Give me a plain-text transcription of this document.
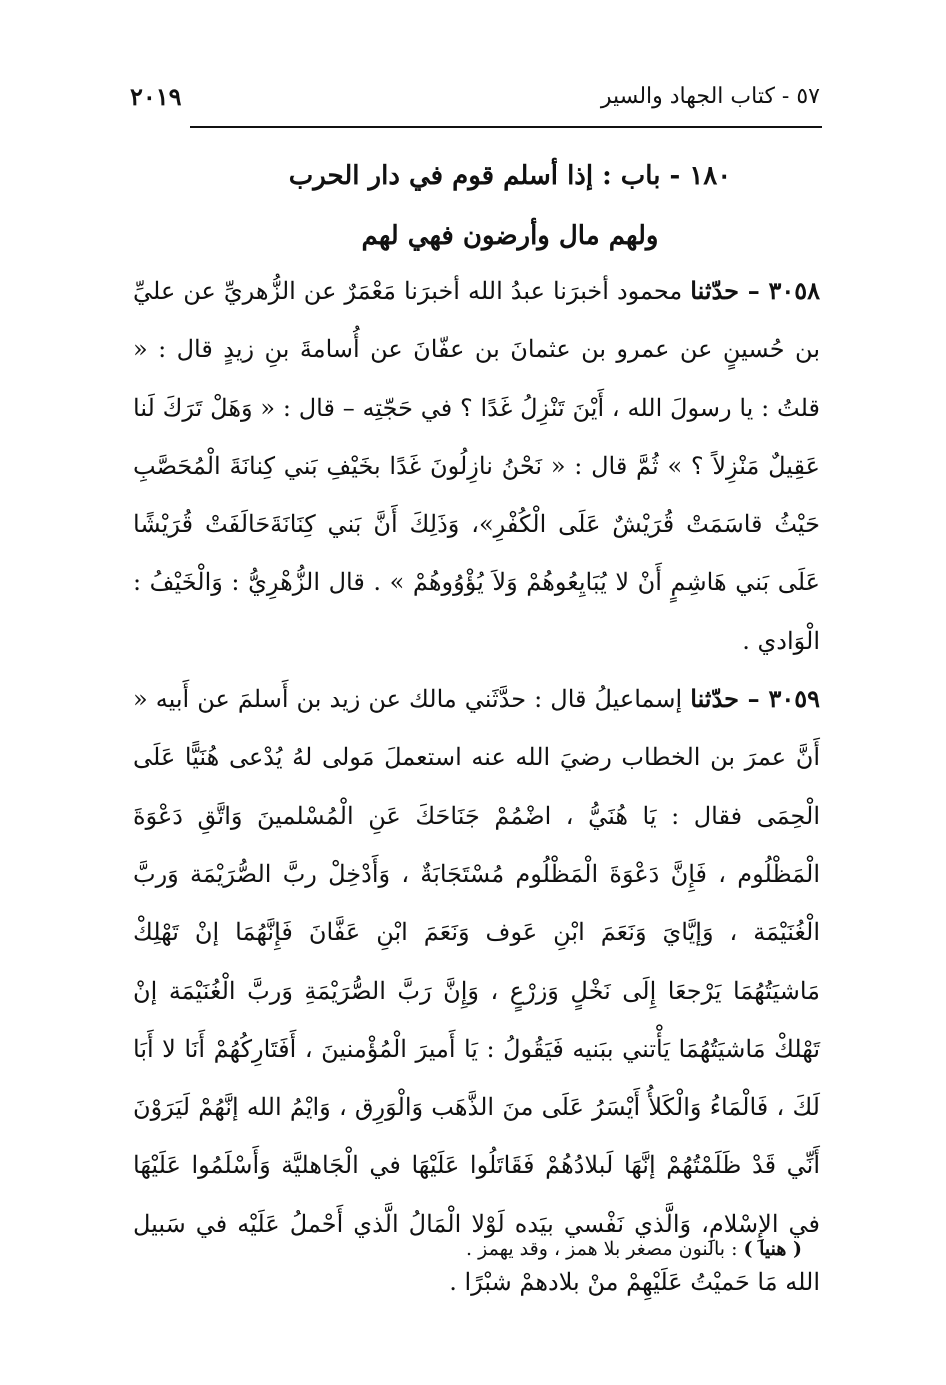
٥٧ - كتاب الجهاد والسير
٢٠١٩
١٨٠ - باب : إذا أسلم قوم في دار الحرب
ولهم مال وأرضون فهي لهم

٣٠٥٨ – حدّثنا محمود أخبرَنا عبدُ الله أخبرَنا مَعْمَرٌ عن الزُّهريِّ عن عليِّ بن حُسينٍ عن عمرو بن عثمانَ بن عفّانَ عن أُسامةَ بنِ زيدٍ قال : « قلتُ : يا رسولَ الله ، أَيْنَ تَنْزِلُ غَدًا ؟ في حَجّتِه – قال : « وَهَلْ تَرَكَ لَنا عَقِيلٌ مَنْزِلاً ؟ » ثُمَّ قال : « نَحْنُ نازِلُونَ غَدًا بخَيْفِ بَني كِنانَةَ الْمُحَصَّبِ حَيْثُ قاسَمَتْ قُرَيْشٌ عَلَى الْكُفْرِ»، وَذَلِكَ أَنَّ بَني كِنَانَةَحَالَفَتْ قُرَيْشًا عَلَى بَني هَاشِمٍ أَنْ لا يُبَايِعُوهُمْ وَلاَ يُؤْوُوهُمْ » . قال الزُّهْرِيُّ : وَالْخَيْفُ : الْوَادي .

٣٠٥٩ – حدّثنا إسماعيلُ قال : حدَّثَني مالك عن زيد بن أَسلمَ عن أَبيه « أَنَّ عمرَ بن الخطاب رضيَ الله عنه استعملَ مَولى لهُ يُدْعى هُنَيًّا عَلَى الْحِمَى فقال : يَا هُنَيُّ ، اضْمُمْ جَنَاحَكَ عَنِ الْمُسْلمينَ وَاتَّقِ دَعْوَةَ الْمَظْلُوم ، فَإِنَّ دَعْوَةَ الْمَظْلُوم مُسْتَجَابَةٌ ، وَأَدْخِلْ ربَّ الصُّرَيْمَة وَربَّ الْغُنَيْمَة ، وَإيَّايَ وَنَعَمَ ابْنِ عَوف وَنَعَمَ ابْنِ عَفَّانَ فَإِنَّهُمَا إنْ تَهْلِكْ مَاشيَتُهُمَا يَرْجعَا إِلَى نَخْلٍ وَزرْعٍ ، وَإِنَّ رَبَّ الصُّرَيْمَةِ وَربَّ الْغُنَيْمَة إنْ تَهْلكْ مَاشيَتُهُمَا يَأْتني ببَنيه فَيَقُولُ : يَا أَميرَ الْمُؤْمنينَ ، أَفَتَارِكُهُمْ أَنَا لا أَبَا لَكَ ، فَالْمَاءُ وَالْكَلأُ أَيْسَرُ عَلَى منَ الذَّهَب وَالْوَرِق ، وَايْمُ الله إنَّهُمْ لَيَرَوْنَ أَنِّي قَدْ ظَلَمْتُهُمْ إنَّهَا لَبلادُهُمْ فَقَاتَلُوا عَلَيْهَا في الْجَاهليَّة وَأَسْلَمُوا عَلَيْهَا في الإِسْلامِ، وَالَّذي نَفْسي بيَده لَوْلا الْمَالُ الَّذي أَحْملُ عَلَيْه في سَبيل الله مَا حَميْتُ عَلَيْهِمْ منْ بلادهمْ شبْرًا .

( هنيا ) : بالنون مصغر بلا همز ، وقد يهمز .
